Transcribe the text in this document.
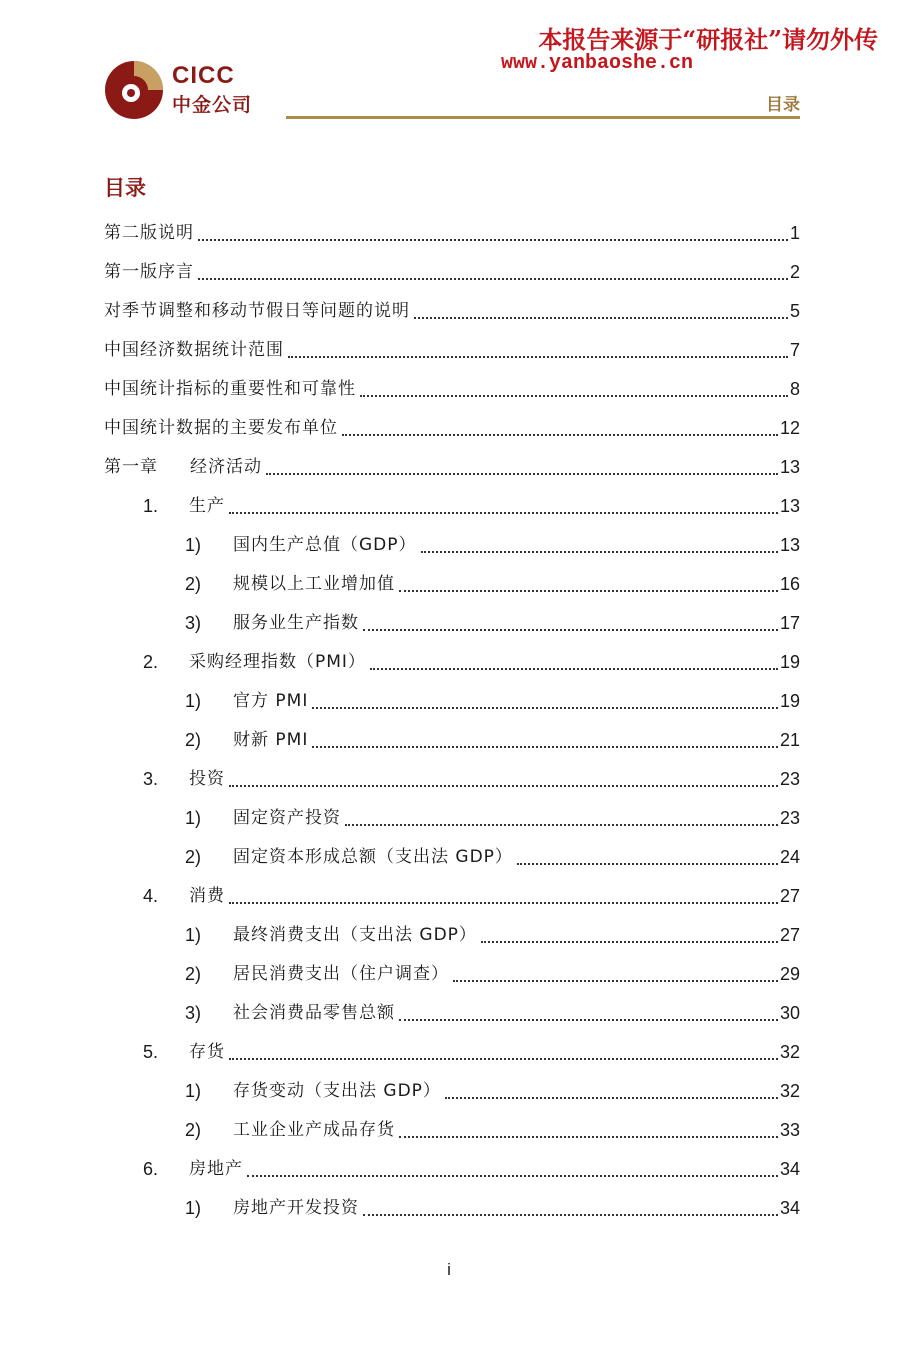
CICC
中金公司
本报告来源于“研报社”请勿外传
www.yanbaoshe.cn
目录
目录
第二版说明	1
第一版序言	2
对季节调整和移动节假日等问题的说明	5
中国经济数据统计范围	7
中国统计指标的重要性和可靠性	8
中国统计数据的主要发布单位	12
第一章	经济活动	13
1.	生产	13
1)	国内生产总值（GDP）	13
2)	规模以上工业增加值	16
3)	服务业生产指数	17
2.	采购经理指数（PMI）	19
1)	官方 PMI	19
2)	财新 PMI	21
3.	投资	23
1)	固定资产投资	23
2)	固定资本形成总额（支出法 GDP）	24
4.	消费	27
1)	最终消费支出（支出法 GDP）	27
2)	居民消费支出（住户调查）	29
3)	社会消费品零售总额	30
5.	存货	32
1)	存货变动（支出法 GDP）	32
2)	工业企业产成品存货	33
6.	房地产	34
1)	房地产开发投资	34
i
